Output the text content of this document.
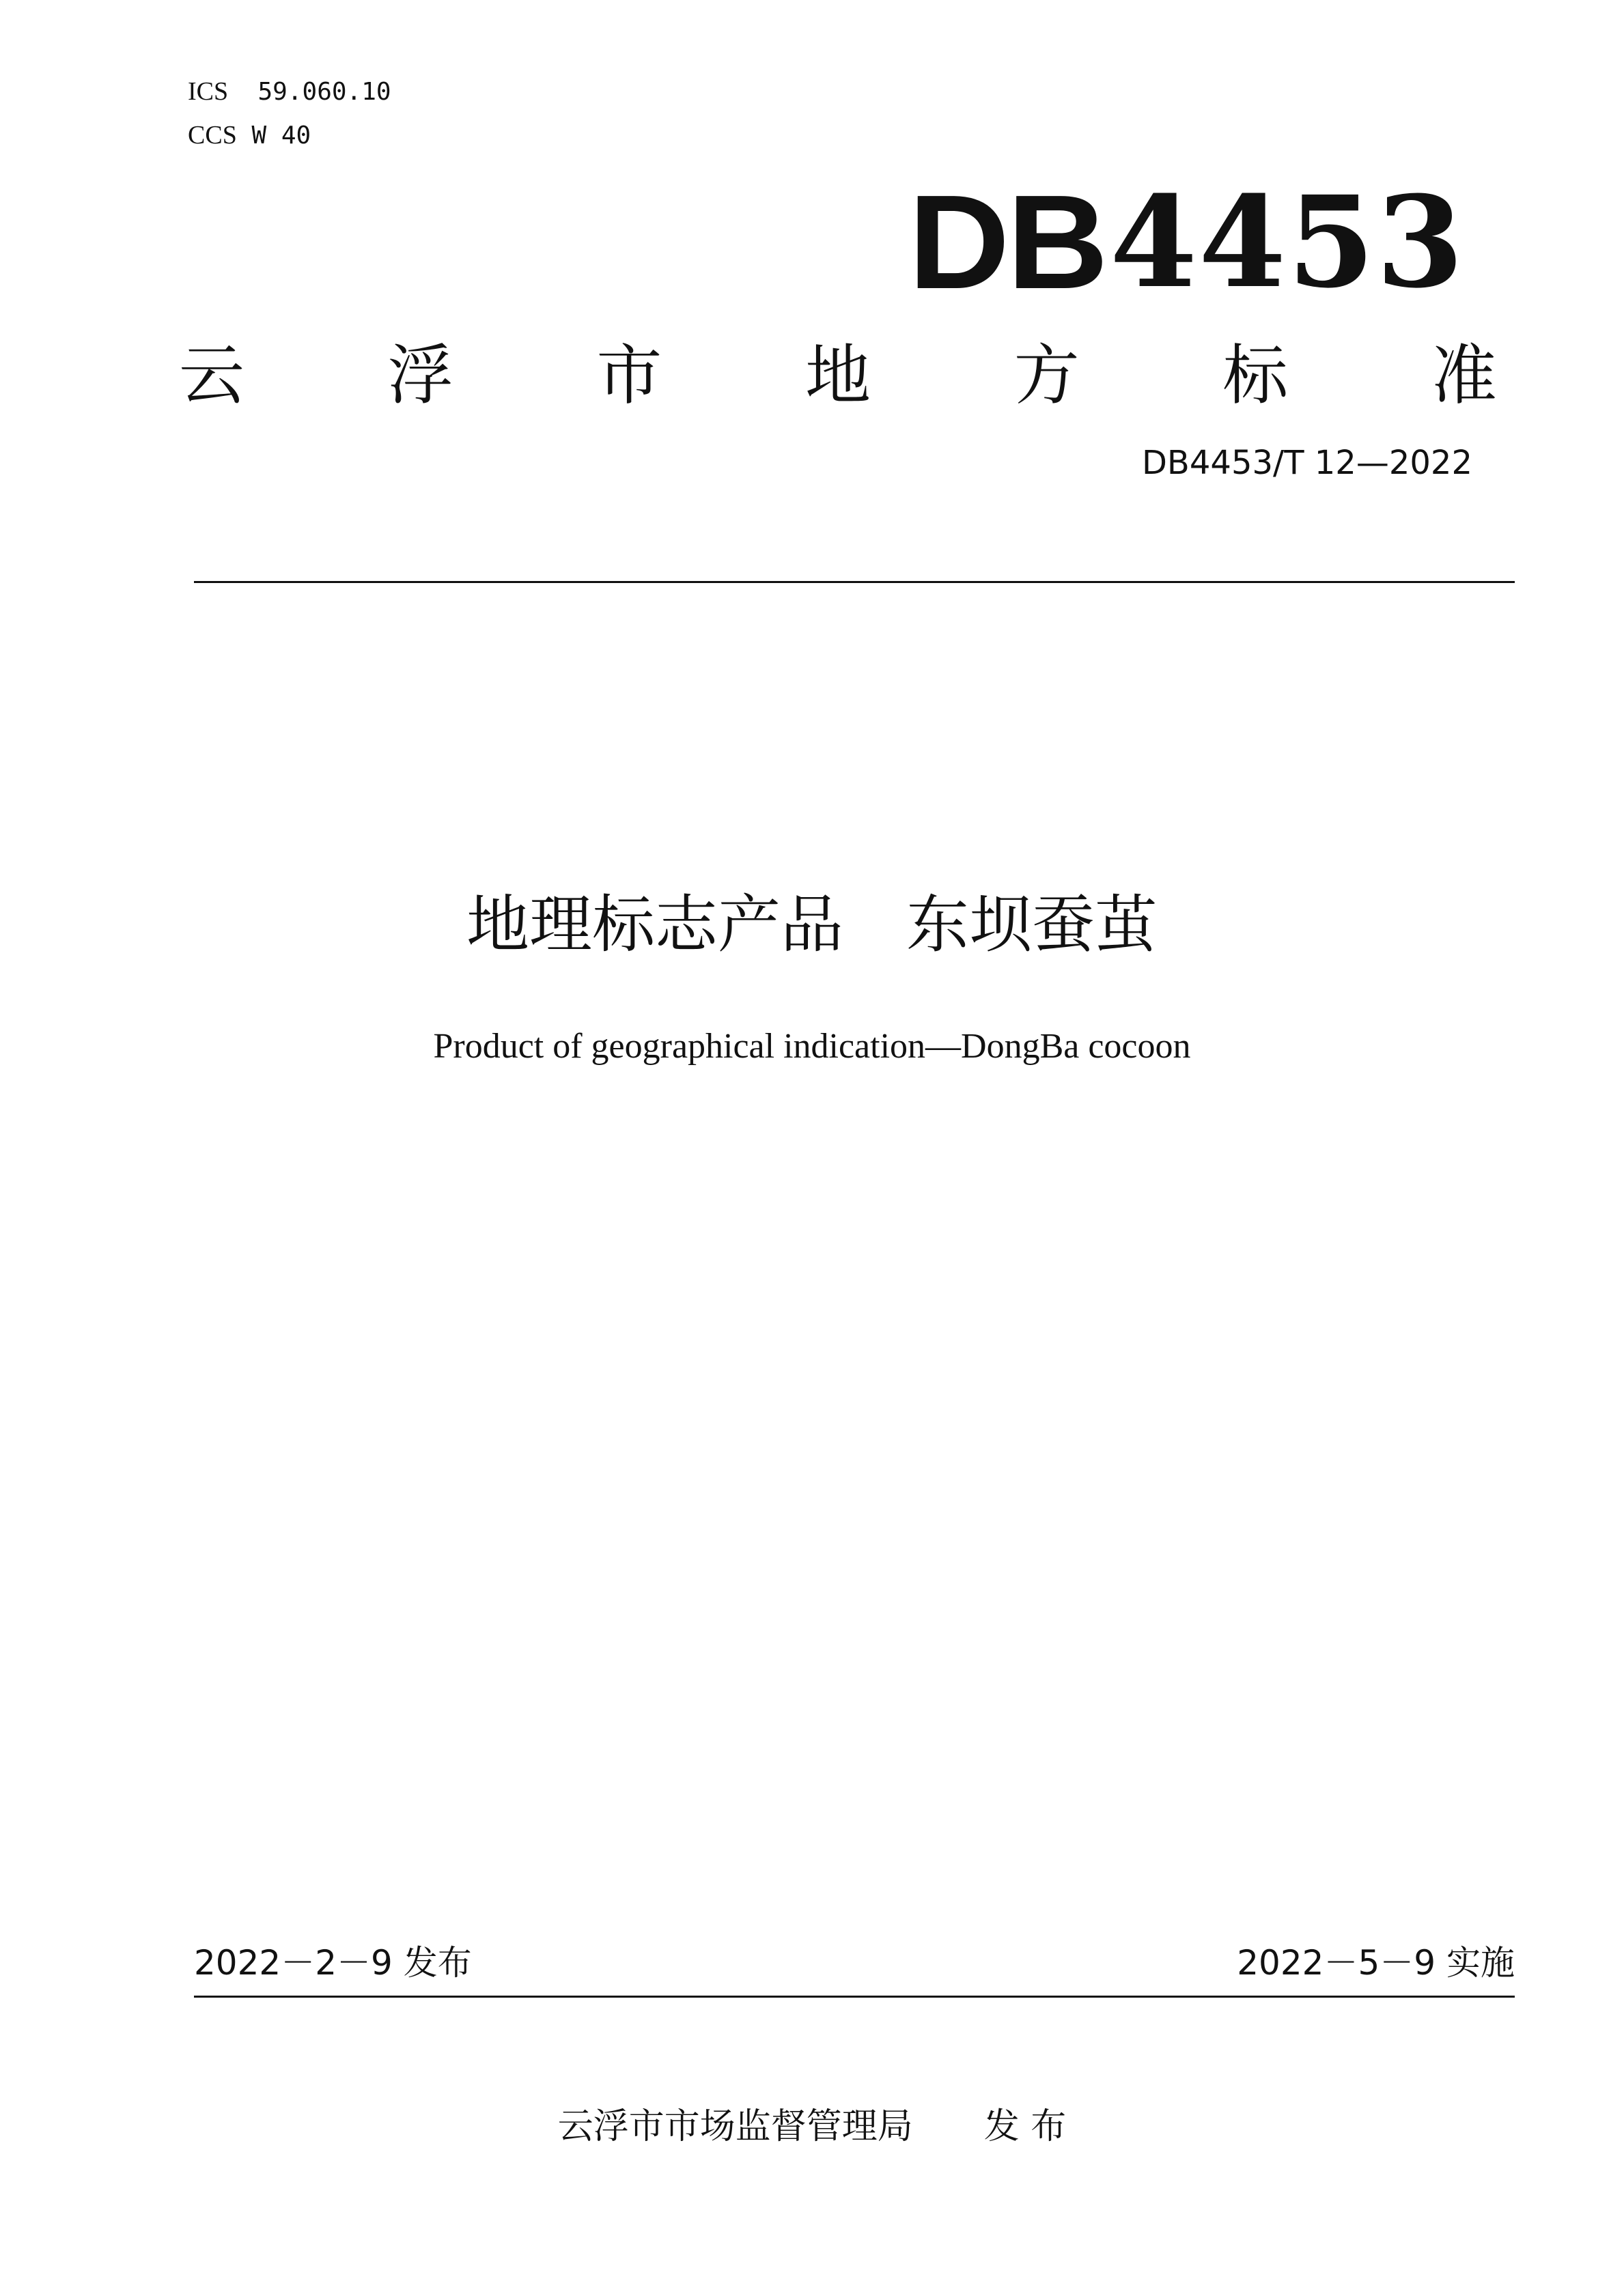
ICS 59.060.10
CCS W 40
DB 4453
云 浮 市 地 方 标 准
DB4453/T 12—2022
地理标志产品　东坝蚕茧
Product of geographical indication—DongBa cocoon
2022－2－9 发布	2022－5－9 实施
云浮市市场监督管理局　　发 布
